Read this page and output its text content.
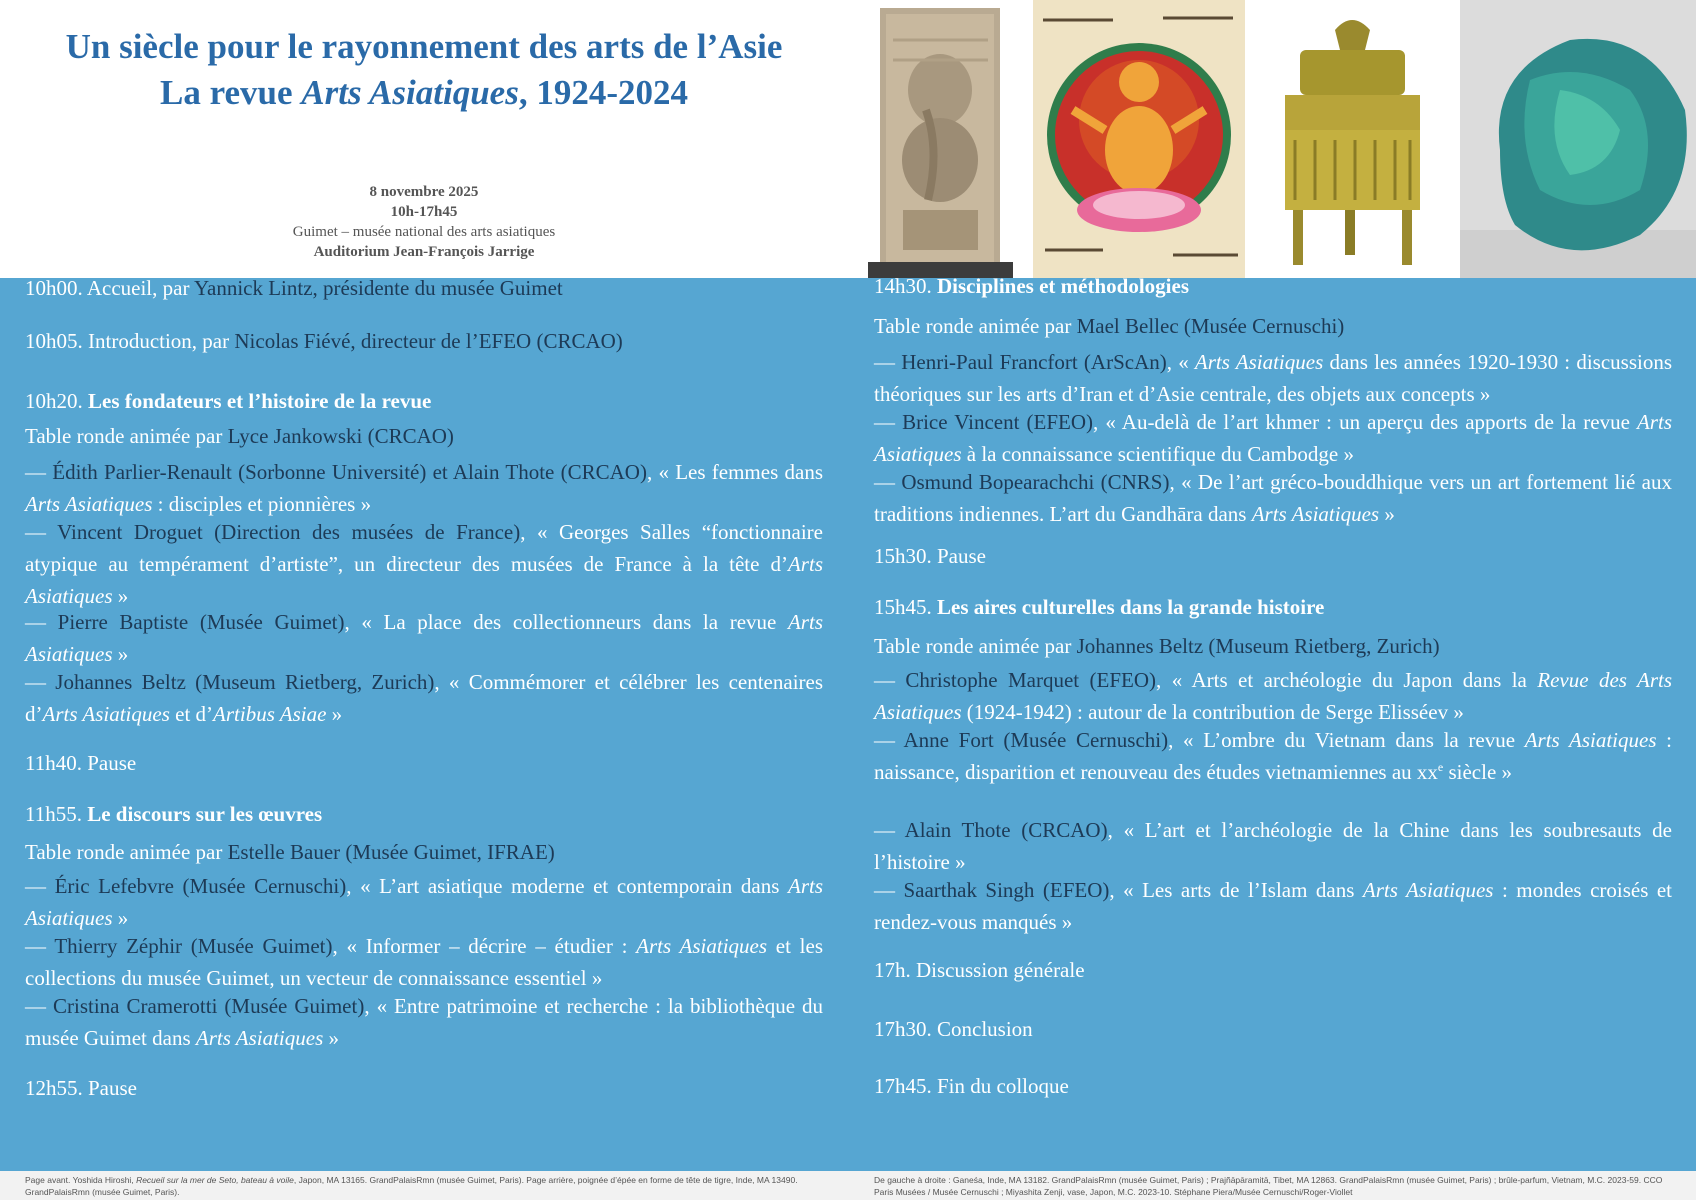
Un siècle pour le rayonnement des arts de l’Asie
La revue Arts Asiatiques, 1924-2024
8 novembre 2025
10h-17h45
Guimet – musée national des arts asiatiques
Auditorium Jean-François Jarrige

10h00. Accueil, par Yannick Lintz, présidente du musée Guimet

10h05. Introduction, par Nicolas Fiévé, directeur de l’EFEO (CRCAO)

10h20. Les fondateurs et l’histoire de la revue

Table ronde animée par Lyce Jankowski (CRCAO)

— Édith Parlier-Renault (Sorbonne Université) et Alain Thote (CRCAO), « Les femmes dans Arts Asiatiques : disciples et pionnières »

— Vincent Droguet (Direction des musées de France), « Georges Salles “fonctionnaire atypique au tempérament d’artiste”, un directeur des musées de France à la tête d’Arts Asiatiques »

— Pierre Baptiste (Musée Guimet), « La place des collectionneurs dans la revue Arts Asiatiques »

— Johannes Beltz (Museum Rietberg, Zurich), « Commémorer et célébrer les centenaires d’Arts Asiatiques et d’Artibus Asiae »

11h40. Pause

11h55. Le discours sur les œuvres

Table ronde animée par Estelle Bauer (Musée Guimet, IFRAE)

— Éric Lefebvre (Musée Cernuschi), « L’art asiatique moderne et contemporain dans Arts Asiatiques »

— Thierry Zéphir (Musée Guimet), « Informer – décrire – étudier : Arts Asiatiques et les collections du musée Guimet, un vecteur de connaissance essentiel »

— Cristina Cramerotti (Musée Guimet), « Entre patrimoine et recherche : la bibliothèque du musée Guimet dans Arts Asiatiques »

12h55. Pause

14h30. Disciplines et méthodologies

Table ronde animée par Mael Bellec (Musée Cernuschi)

— Henri-Paul Francfort (ArScAn), « Arts Asiatiques dans les années 1920-1930 : discussions théoriques sur les arts d’Iran et d’Asie centrale, des objets aux concepts »

— Brice Vincent (EFEO), « Au-delà de l’art khmer : un aperçu des apports de la revue Arts Asiatiques à la connaissance scientifique du Cambodge »

— Osmund Bopearachchi (CNRS), « De l’art gréco-bouddhique vers un art fortement lié aux traditions indiennes. L’art du Gandhāra dans Arts Asiatiques »

15h30. Pause

15h45. Les aires culturelles dans la grande histoire

Table ronde animée par Johannes Beltz (Museum Rietberg, Zurich)

— Christophe Marquet (EFEO), « Arts et archéologie du Japon dans la Revue des Arts Asiatiques (1924-1942) : autour de la contribution de Serge Elisséev »

— Anne Fort (Musée Cernuschi), « L’ombre du Vietnam dans la revue Arts Asiatiques : naissance, disparition et renouveau des études vietnamiennes au $xx^e$ siècle »

— Alain Thote (CRCAO), « L’art et l’archéologie de la Chine dans les soubresauts de l’histoire »

— Saarthak Singh (EFEO), « Les arts de l’Islam dans Arts Asiatiques : mondes croisés et rendez-vous manqués »

17h. Discussion générale

17h30. Conclusion

17h45. Fin du colloque

Page avant. Yoshida Hiroshi, Recueil sur la mer de Seto, bateau à voile, Japon, MA 13165. GrandPalaisRmn (musée Guimet, Paris). Page arrière, poignée d’épée en forme de tête de tigre, Inde, MA 13490. GrandPalaisRmn (musée Guimet, Paris).
De gauche à droite : Ganeśa, Inde, MA 13182. GrandPalaisRmn (musée Guimet, Paris) ; Prajñāpāramitā, Tibet, MA 12863. GrandPalaisRmn (musée Guimet, Paris) ; brûle-parfum, Vietnam, M.C. 2023-59. CCO Paris Musées / Musée Cernuschi ; Miyashita Zenji, vase, Japon, M.C. 2023-10. Stéphane Piera/Musée Cernuschi/Roger-Viollet
